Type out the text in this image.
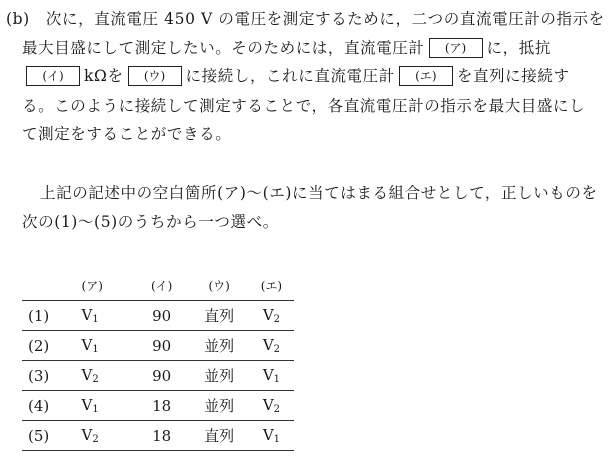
(b)　次に，直流電圧 450 V の電圧を測定するために，二つの直流電圧計の指示を
最大目盛にして測定したい。そのためには，直流電圧計 (ア) に，抵抗
(イ) kΩを (ウ) に接続し，これに直流電圧計 (エ) を直列に接続す
る。このように接続して測定することで，各直流電圧計の指示を最大目盛にし
て測定をすることができる。
上記の記述中の空白箇所(ア)～(エ)に当てはまる組合せとして，正しいものを
次の(1)～(5)のうちから一つ選べ。
	(ア)	(イ)	(ウ)	(エ)
(1)	$V_1$	90	直列	$V_2$
(2)	$V_1$	90	並列	$V_2$
(3)	$V_2$	90	並列	$V_1$
(4)	$V_1$	18	並列	$V_2$
(5)	$V_2$	18	直列	$V_1$
